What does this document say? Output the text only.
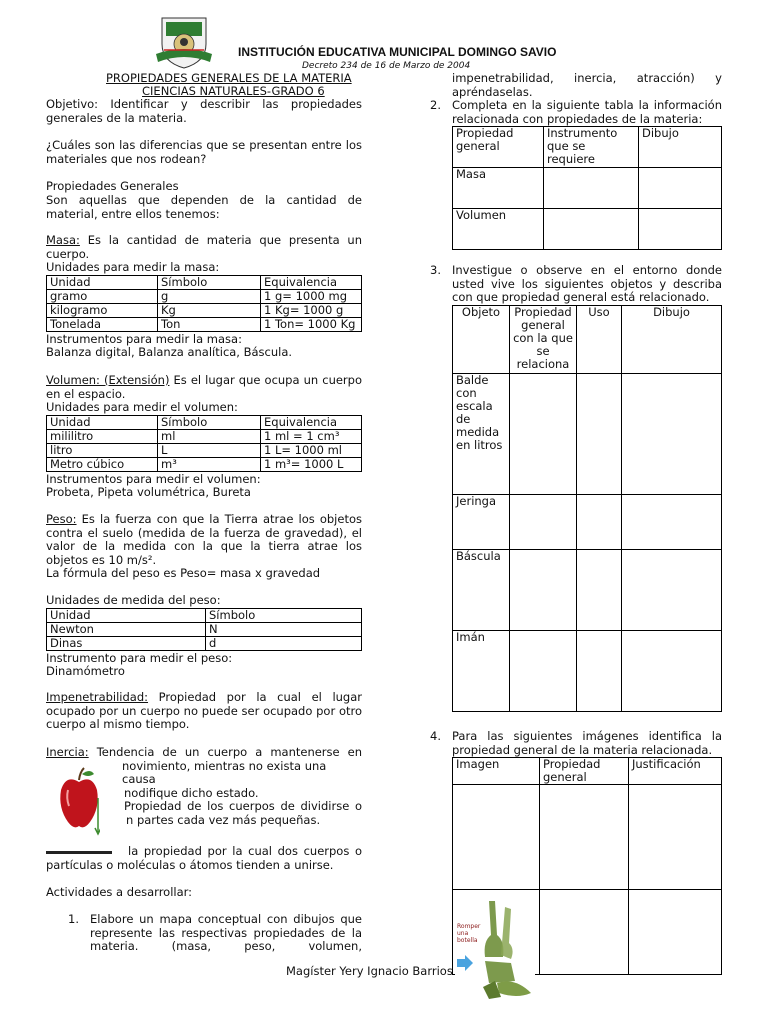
INSTITUCIÓN EDUCATIVA MUNICIPAL DOMINGO SAVIO
Decreto 234 de 16 de Marzo de 2004
PROPIEDADES GENERALES DE LA MATERIA
CIENCIAS NATURALES-GRADO 6
Objetivo: Identificar y describir las propiedades generales de la materia.
¿Cuáles son las diferencias que se presentan entre los materiales que nos rodean?
Propiedades Generales
Son aquellas que dependen de la cantidad de material, entre ellos tenemos:
Masa: Es la cantidad de materia que presenta un cuerpo.
Unidades para medir la masa:
Unidad	Símbolo	Equivalencia
gramo	g	1 g= 1000 mg
kilogramo	Kg	1 Kg= 1000 g
Tonelada	Ton	1 Ton= 1000 Kg
Instrumentos para medir la masa:
Balanza digital, Balanza analítica, Báscula.
Volumen: (Extensión) Es el lugar que ocupa un cuerpo en el espacio.
Unidades para medir el volumen:
Unidad	Símbolo	Equivalencia
mililitro	ml	1 ml = 1 cm³
litro	L	1 L= 1000 ml
Metro cúbico	m³	1 m³= 1000 L
Instrumentos para medir el volumen:
Probeta, Pipeta volumétrica, Bureta
Peso: Es la fuerza con que la Tierra atrae los objetos contra el suelo (medida de la fuerza de gravedad), el valor de la medida con la que la tierra atrae los objetos es 10 m/s².
La fórmula del peso es Peso= masa x gravedad
Unidades de medida del peso:
Unidad	Símbolo
Newton	N
Dinas	d
Instrumento para medir el peso:
Dinamómetro
Impenetrabilidad: Propiedad por la cual el lugar ocupado por un cuerpo no puede ser ocupado por otro cuerpo al mismo tiempo.
Inercia: Tendencia de un cuerpo a mantenerse en
novimiento, mientras no exista una causa
nodifique dicho estado.
Propiedad de los cuerpos de dividirse o
n partes cada vez más pequeñas.
la propiedad por la cual dos cuerpos o
partículas o moléculas o átomos tienden a unirse.
Actividades a desarrollar:
1. Elabore un mapa conceptual con dibujos que represente las respectivas propiedades de la materia. (masa, peso, volumen,
Magíster Yery Ignacio Barrios
impenetrabilidad, inercia, atracción) y apréndaselas.
2. Completa en la siguiente tabla la información relacionada con propiedades de la materia:
Propiedad general	Instrumento que se requiere	Dibujo
Masa		
Volumen		
3. Investigue o observe en el entorno donde usted vive los siguientes objetos y describa con que propiedad general está relacionado.
Objeto	Propiedad general con la que se relaciona	Uso	Dibujo
Balde con escala de medida en litros			
Jeringa			
Báscula			
Imán			
4. Para las siguientes imágenes identifica la propiedad general de la materia relacionada.
Imagen	Propiedad general	Justificación

Romper una botella
